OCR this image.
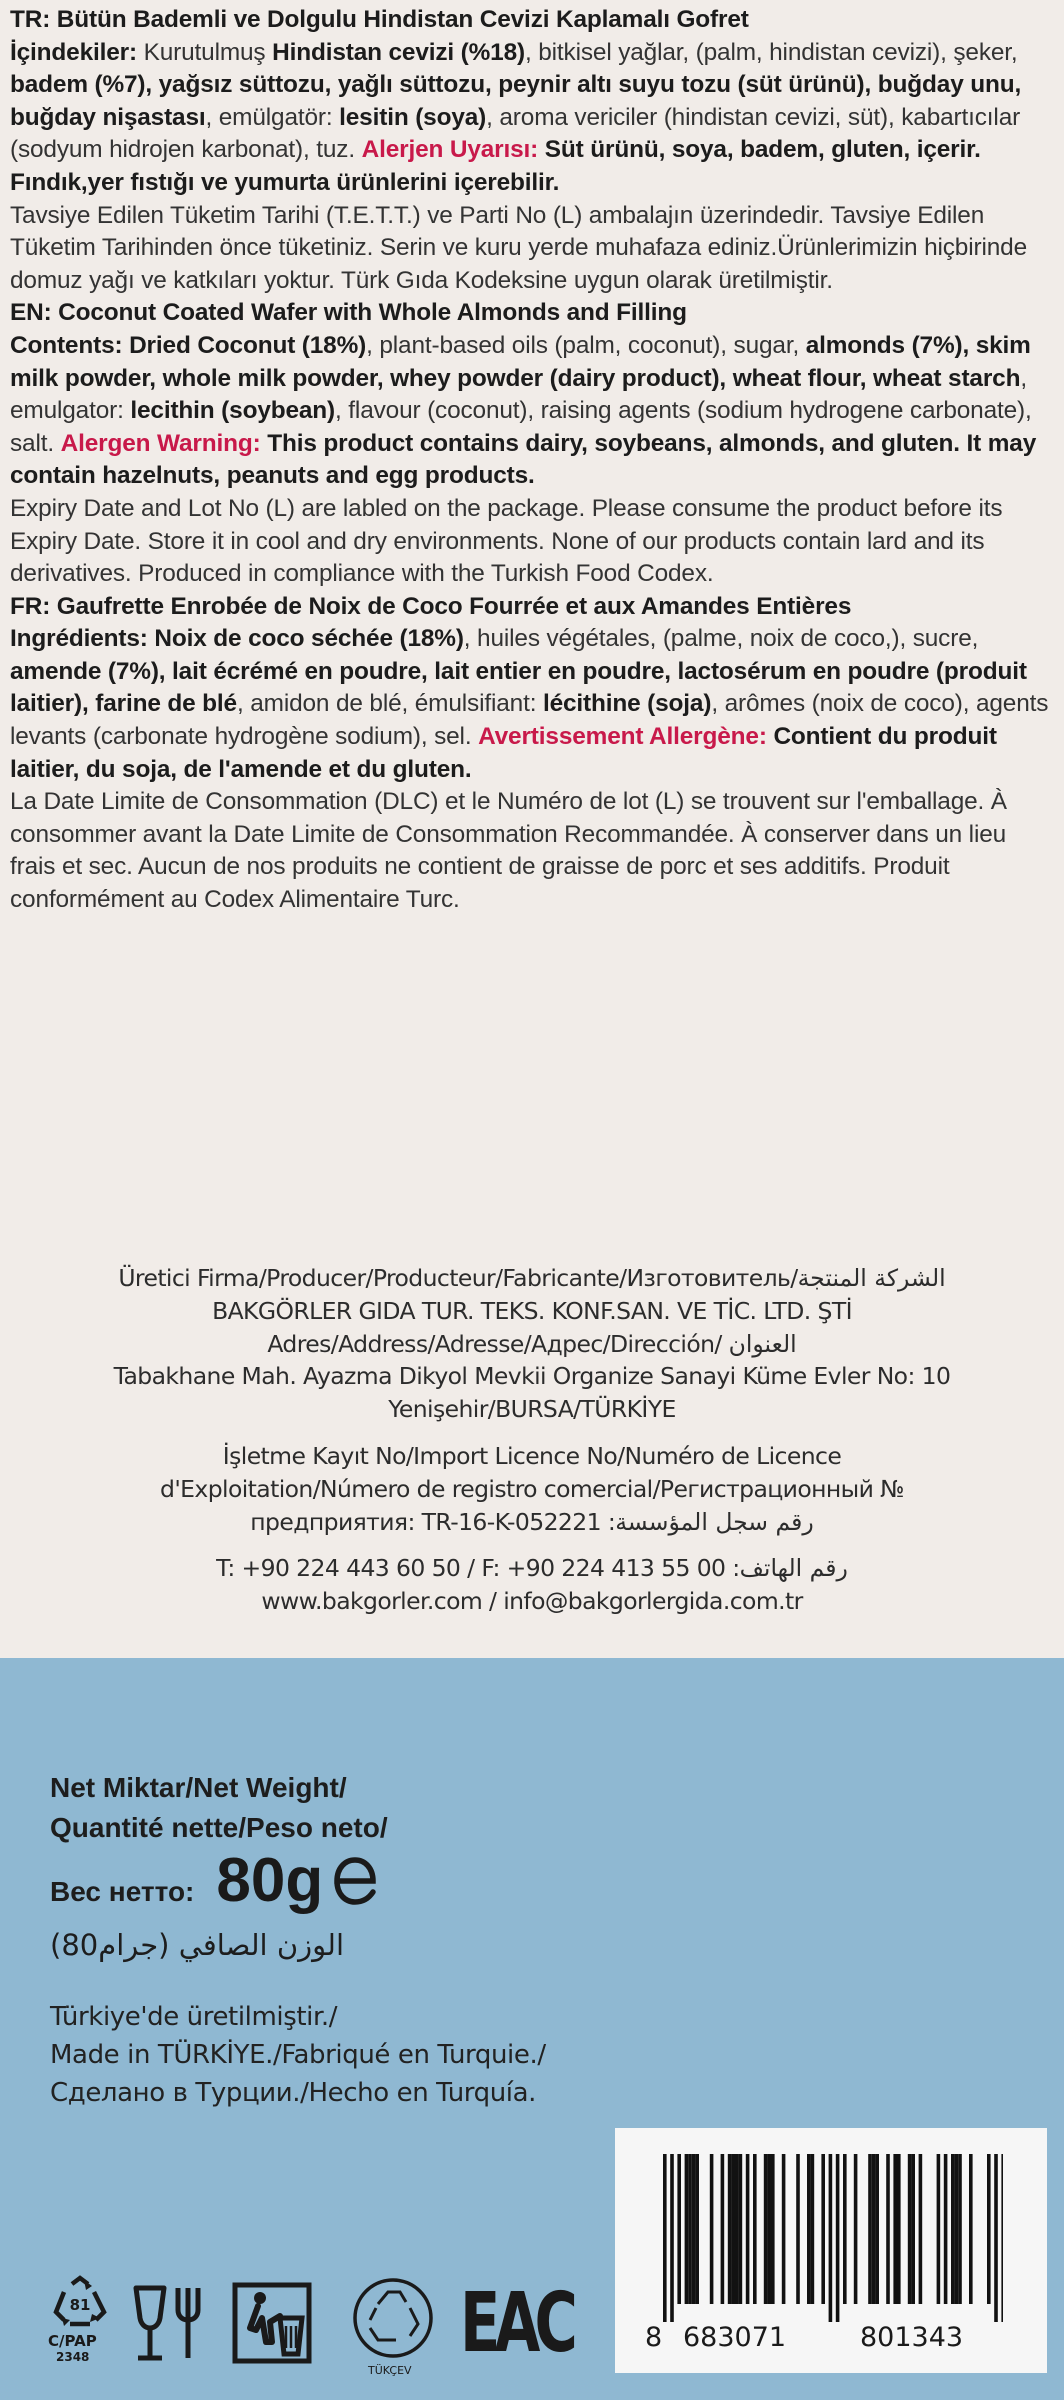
TR: Bütün Bademli ve Dolgulu Hindistan Cevizi Kaplamalı Gofret
İçindekiler: Kurutulmuş Hindistan cevizi (%18), bitkisel yağlar, (palm, hindistan cevizi), şeker, badem (%7), yağsız süttozu, yağlı süttozu, peynir altı suyu tozu (süt ürünü), buğday unu, buğday nişastası, emülgatör: lesitin (soya), aroma vericiler (hindistan cevizi, süt), kabartıcılar (sodyum hidrojen karbonat), tuz. Alerjen Uyarısı: Süt ürünü, soya, badem, gluten, içerir. Fındık,yer fıstığı ve yumurta ürünlerini içerebilir.
Tavsiye Edilen Tüketim Tarihi (T.E.T.T.) ve Parti No (L) ambalajın üzerindedir. Tavsiye Edilen Tüketim Tarihinden önce tüketiniz. Serin ve kuru yerde muhafaza ediniz.Ürünlerimizin hiçbirinde domuz yağı ve katkıları yoktur. Türk Gıda Kodeksine uygun olarak üretilmiştir.

EN: Coconut Coated Wafer with Whole Almonds and Filling
Contents: Dried Coconut (18%), plant-based oils (palm, coconut), sugar, almonds (7%), skim milk powder, whole milk powder, whey powder (dairy product), wheat flour, wheat starch, emulgator: lecithin (soybean), flavour (coconut), raising agents (sodium hydrogene carbonate), salt. Alergen Warning: This product contains dairy, soybeans, almonds, and gluten. It may contain hazelnuts, peanuts and egg products.
Expiry Date and Lot No (L) are labled on the package. Please consume the product before its Expiry Date. Store it in cool and dry environments. None of our products contain lard and its derivatives. Produced in compliance with the Turkish Food Codex.

FR: Gaufrette Enrobée de Noix de Coco Fourrée et aux Amandes Entières
Ingrédients: Noix de coco séchée (18%), huiles végétales, (palme, noix de coco,), sucre, amende (7%), lait écrémé en poudre, lait entier en poudre, lactosérum en poudre (produit laitier), farine de blé, amidon de blé, émulsifiant: lécithine (soja), arômes (noix de coco), agents levants (carbonate hydrogène sodium), sel. Avertissement Allergène: Contient du produit laitier, du soja, de l'amende et du gluten.
La Date Limite de Consommation (DLC) et le Numéro de lot (L) se trouvent sur l'emballage. À consommer avant la Date Limite de Consommation Recommandée. À conserver dans un lieu frais et sec. Aucun de nos produits ne contient de graisse de porc et ses additifs. Produit conformément au Codex Alimentaire Turc.

Üretici Firma/Producer/Producteur/Fabricante/Изготовитель/الشركة المنتجة

BAKGÖRLER GIDA TUR. TEKS. KONF.SAN. VE TİC. LTD. ŞTİ

Adres/Address/Adresse/Адрес/Dirección/ العنوان

Tabakhane Mah. Ayazma Dikyol Mevkii Organize Sanayi Küme Evler No: 10

Yenişehir/BURSA/TÜRKİYE

İşletme Kayıt No/Import Licence No/Numéro de Licence

d'Exploitation/Número de registro comercial/Регистрационный №

предприятия: TR-16-K-052221 :رقم سجل المؤسسة

T: +90 224 443 60 50 / F: +90 224 413 55 00 :رقم الهاتف

www.bakgorler.com / info@bakgorlergida.com.tr

Net Miktar/Net Weight/
Quantité nette/Peso neto/
Вес нетто: 80g
الوزن الصافي (جرام80)

Türkiye'de üretilmiştir./

Made in TÜRKİYE./Fabriqué en Turquie./

Сделано в Турции./Hecho en Turquía.

8 683071	801343
81
C/PAP
2348
TÜKÇEV EAC
